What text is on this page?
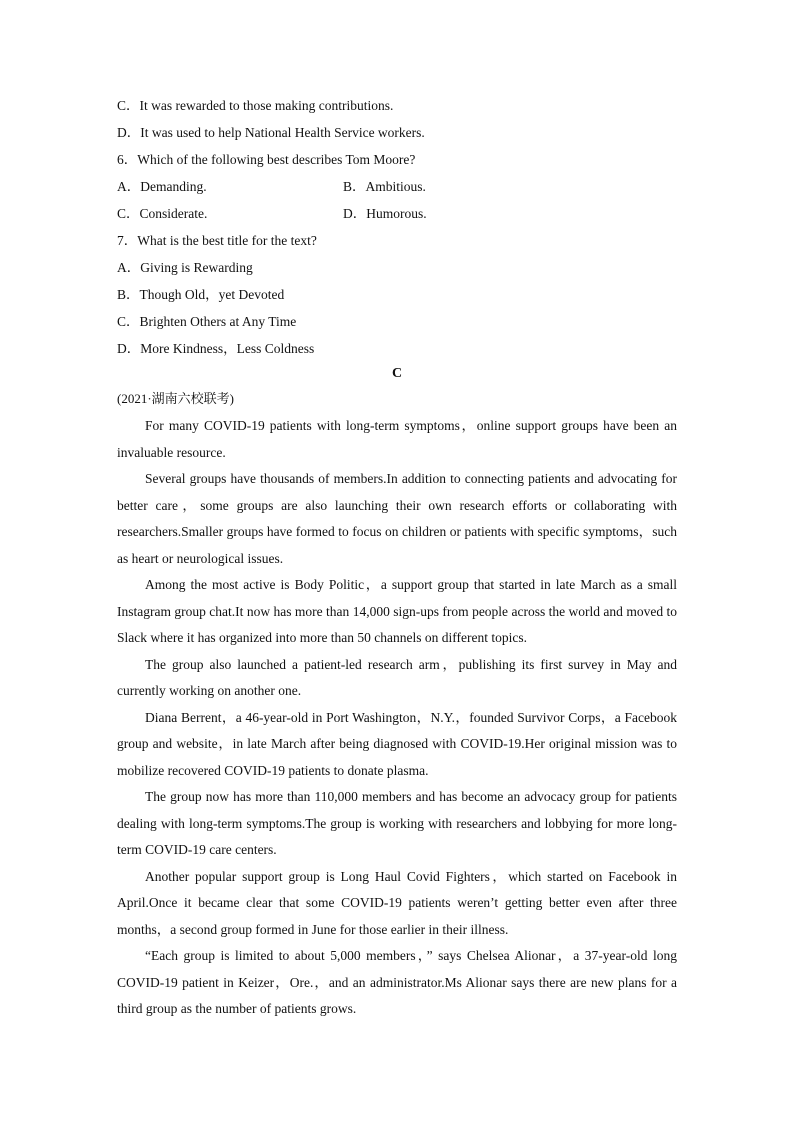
C．It was rewarded to those making contributions.
D．It was used to help National Health Service workers.
6．Which of the following best describes Tom Moore?
A．Demanding.	B．Ambitious.
C．Considerate.	D．Humorous.
7．What is the best title for the text?
A．Giving is Rewarding
B．Though Old，yet Devoted
C．Brighten Others at Any Time
D．More Kindness，Less Coldness
C
(2021·湖南六校联考)

For many COVID-19 patients with long-term symptoms，online support groups have been an invaluable resource.

Several groups have thousands of members.In addition to connecting patients and advocating for better care，some groups are also launching their own research efforts or collaborating with researchers.Smaller groups have formed to focus on children or patients with specific symptoms，such as heart or neurological issues.

Among the most active is Body Politic，a support group that started in late March as a small Instagram group chat.It now has more than 14,000 sign-ups from people across the world and moved to Slack where it has organized into more than 50 channels on different topics.

The group also launched a patient-led research arm，publishing its first survey in May and currently working on another one.

Diana Berrent，a 46-year-old in Port Washington，N.Y.，founded Survivor Corps，a Facebook group and website，in late March after being diagnosed with COVID-19.Her original mission was to mobilize recovered COVID-19 patients to donate plasma.

The group now has more than 110,000 members and has become an advocacy group for patients dealing with long-term symptoms.The group is working with researchers and lobbying for more long-term COVID-19 care centers.

Another popular support group is Long Haul Covid Fighters，which started on Facebook in April.Once it became clear that some COVID-19 patients weren’t getting better even after three months，a second group formed in June for those earlier in their illness.

“Each group is limited to about 5,000 members，” says Chelsea Alionar，a 37-year-old long COVID-19 patient in Keizer，Ore.，and an administrator.Ms Alionar says there are new plans for a third group as the number of patients grows.
